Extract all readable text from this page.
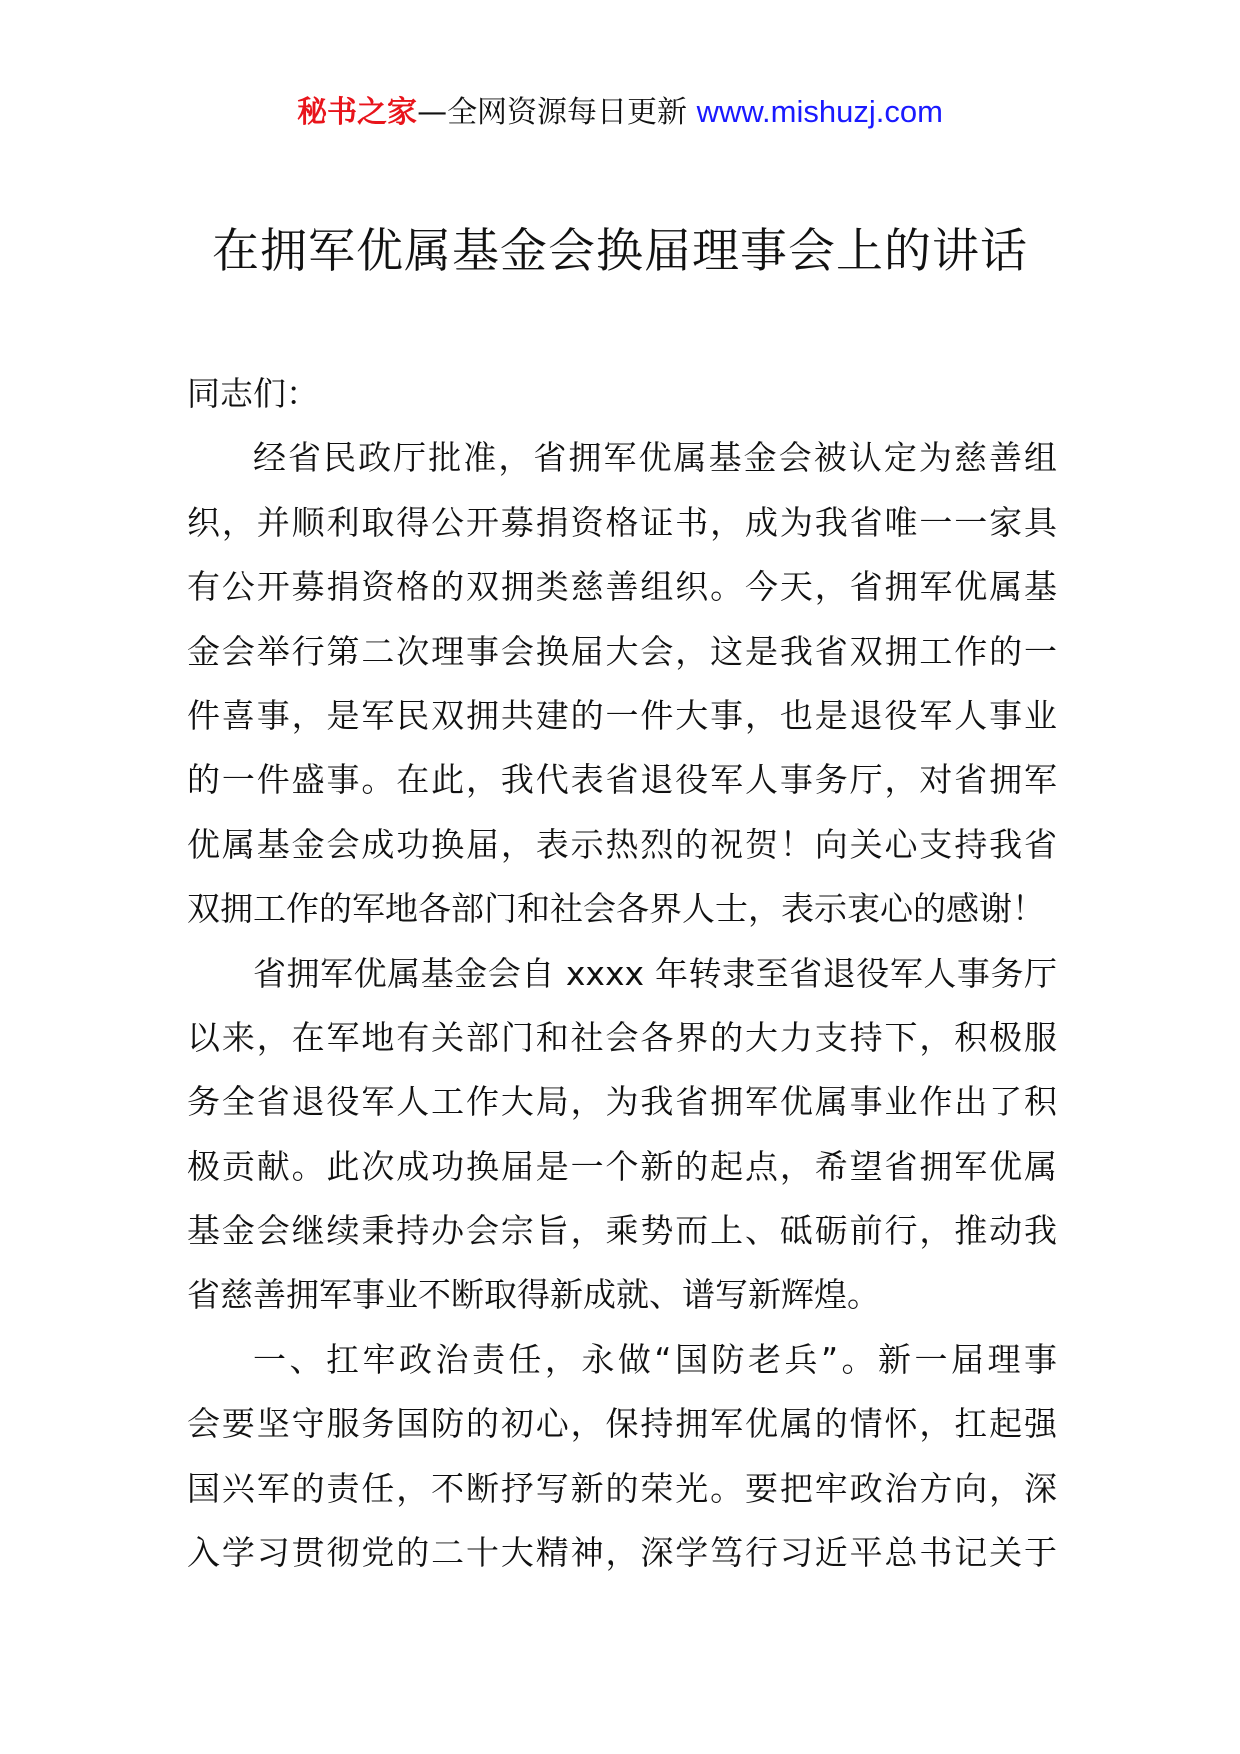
秘书之家—全网资源每日更新 www.mishuzj.com
在拥军优属基金会换届理事会上的讲话
同志们：
经省民政厅批准，省拥军优属基金会被认定为慈善组
织，并顺利取得公开募捐资格证书，成为我省唯一一家具
有公开募捐资格的双拥类慈善组织。今天，省拥军优属基
金会举行第二次理事会换届大会，这是我省双拥工作的一
件喜事，是军民双拥共建的一件大事，也是退役军人事业
的一件盛事。在此，我代表省退役军人事务厅，对省拥军
优属基金会成功换届，表示热烈的祝贺！向关心支持我省
双拥工作的军地各部门和社会各界人士，表示衷心的感谢！
省拥军优属基金会自 xxxx 年转隶至省退役军人事务厅
以来，在军地有关部门和社会各界的大力支持下，积极服
务全省退役军人工作大局，为我省拥军优属事业作出了积
极贡献。此次成功换届是一个新的起点，希望省拥军优属
基金会继续秉持办会宗旨，乘势而上、砥砺前行，推动我
省慈善拥军事业不断取得新成就、谱写新辉煌。
一、扛牢政治责任，永做“国防老兵”。新一届理事
会要坚守服务国防的初心，保持拥军优属的情怀，扛起强
国兴军的责任，不断抒写新的荣光。要把牢政治方向，深
入学习贯彻党的二十大精神，深学笃行习近平总书记关于
